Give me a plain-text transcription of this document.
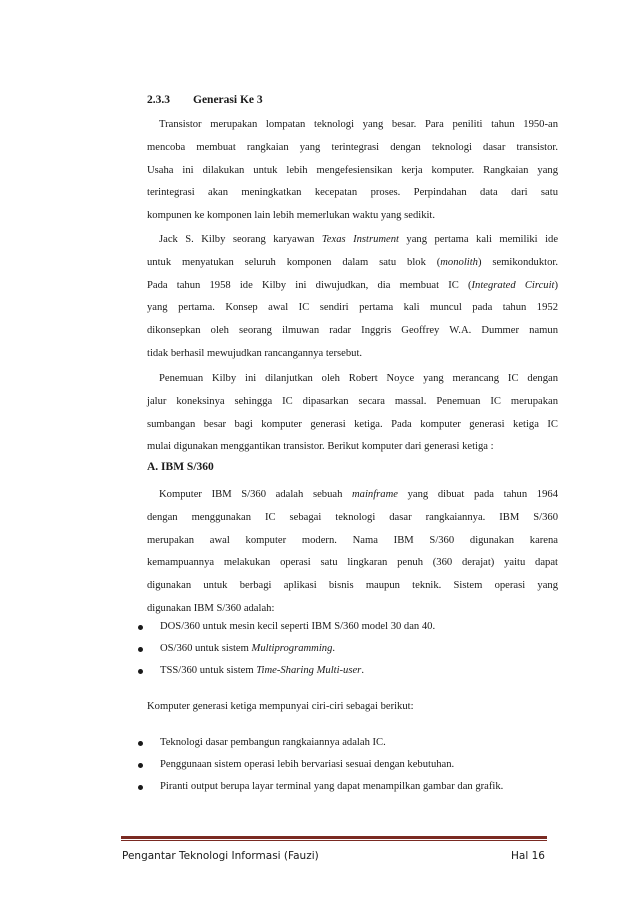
2.3.3 Generasi Ke 3

Transistor merupakan lompatan teknologi yang besar. Para peniliti tahun 1950-an
mencoba membuat rangkaian yang terintegrasi dengan teknologi dasar transistor.
Usaha ini dilakukan untuk lebih mengefesiensikan kerja komputer. Rangkaian yang
terintegrasi akan meningkatkan kecepatan proses. Perpindahan data dari satu
kompunen ke komponen lain lebih memerlukan waktu yang sedikit.

Jack S. Kilby seorang karyawan Texas Instrument yang pertama kali memiliki ide
untuk menyatukan seluruh komponen dalam satu blok (monolith) semikonduktor.
Pada tahun 1958 ide Kilby ini diwujudkan, dia membuat IC (Integrated Circuit)
yang pertama. Konsep awal IC sendiri pertama kali muncul pada tahun 1952
dikonsepkan oleh seorang ilmuwan radar Inggris Geoffrey W.A. Dummer namun
tidak berhasil mewujudkan rancangannya tersebut.

Penemuan Kilby ini dilanjutkan oleh Robert Noyce yang merancang IC dengan
jalur koneksinya sehingga IC dipasarkan secara massal. Penemuan IC merupakan
sumbangan besar bagi komputer generasi ketiga. Pada komputer generasi ketiga IC
mulai digunakan menggantikan transistor. Berikut komputer dari generasi ketiga :

A. IBM S/360

Komputer IBM S/360 adalah sebuah mainframe yang dibuat pada tahun 1964
dengan menggunakan IC sebagai teknologi dasar rangkaiannya. IBM S/360
merupakan awal komputer modern. Nama IBM S/360 digunakan karena
kemampuannya melakukan operasi satu lingkaran penuh (360 derajat) yaitu dapat
digunakan untuk berbagi aplikasi bisnis maupun teknik. Sistem operasi yang
digunakan IBM S/360 adalah:

DOS/360 untuk mesin kecil seperti IBM S/360 model 30 dan 40.
OS/360 untuk sistem Multiprogramming.
TSS/360 untuk sistem Time-Sharing Multi-user.

Komputer generasi ketiga mempunyai ciri-ciri sebagai berikut:

Teknologi dasar pembangun rangkaiannya adalah IC.
Penggunaan sistem operasi lebih bervariasi sesuai dengan kebutuhan.
Piranti output berupa layar terminal yang dapat menampilkan gambar dan grafik.
Pengantar Teknologi Informasi (Fauzi)	Hal 16
